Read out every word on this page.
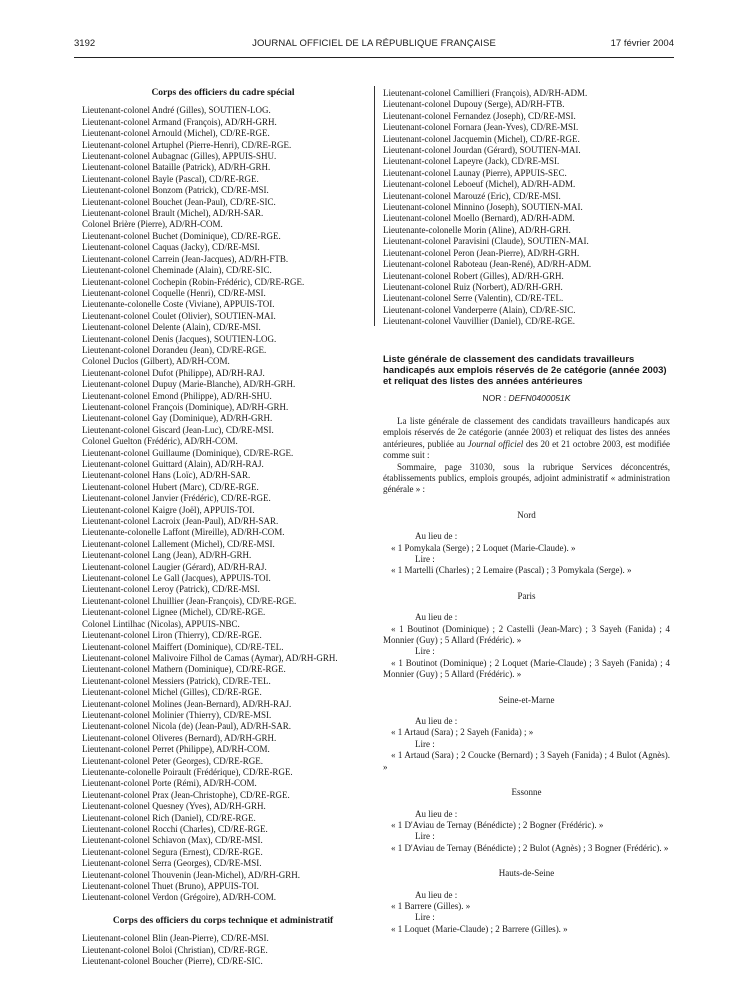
3192	JOURNAL OFFICIEL DE LA RÉPUBLIQUE FRANÇAISE	17 février 2004
Corps des officiers du cadre spécial

Lieutenant-colonel André (Gilles), SOUTIEN-LOG.

Lieutenant-colonel Armand (François), AD/RH-GRH.

Lieutenant-colonel Arnould (Michel), CD/RE-RGE.

Lieutenant-colonel Artuphel (Pierre-Henri), CD/RE-RGE.

Lieutenant-colonel Aubagnac (Gilles), APPUIS-SHU.

Lieutenant-colonel Bataille (Patrick), AD/RH-GRH.

Lieutenant-colonel Bayle (Pascal), CD/RE-RGE.

Lieutenant-colonel Bonzom (Patrick), CD/RE-MSI.

Lieutenant-colonel Bouchet (Jean-Paul), CD/RE-SIC.

Lieutenant-colonel Brault (Michel), AD/RH-SAR.

Colonel Brière (Pierre), AD/RH-COM.

Lieutenant-colonel Buchet (Dominique), CD/RE-RGE.

Lieutenant-colonel Caquas (Jacky), CD/RE-MSI.

Lieutenant-colonel Carrein (Jean-Jacques), AD/RH-FTB.

Lieutenant-colonel Cheminade (Alain), CD/RE-SIC.

Lieutenant-colonel Cochepin (Robin-Frédéric), CD/RE-RGE.

Lieutenant-colonel Coquelle (Henri), CD/RE-MSI.

Lieutenante-colonelle Coste (Viviane), APPUIS-TOI.

Lieutenant-colonel Coulet (Olivier), SOUTIEN-MAI.

Lieutenant-colonel Delente (Alain), CD/RE-MSI.

Lieutenant-colonel Denis (Jacques), SOUTIEN-LOG.

Lieutenant-colonel Dorandeu (Jean), CD/RE-RGE.

Colonel Duclos (Gilbert), AD/RH-COM.

Lieutenant-colonel Dufot (Philippe), AD/RH-RAJ.

Lieutenant-colonel Dupuy (Marie-Blanche), AD/RH-GRH.

Lieutenant-colonel Emond (Philippe), AD/RH-SHU.

Lieutenant-colonel François (Dominique), AD/RH-GRH.

Lieutenant-colonel Gay (Dominique), AD/RH-GRH.

Lieutenant-colonel Giscard (Jean-Luc), CD/RE-MSI.

Colonel Guelton (Frédéric), AD/RH-COM.

Lieutenant-colonel Guillaume (Dominique), CD/RE-RGE.

Lieutenant-colonel Guittard (Alain), AD/RH-RAJ.

Lieutenant-colonel Hans (Loïc), AD/RH-SAR.

Lieutenant-colonel Hubert (Marc), CD/RE-RGE.

Lieutenant-colonel Janvier (Frédéric), CD/RE-RGE.

Lieutenant-colonel Kaigre (Joël), APPUIS-TOI.

Lieutenant-colonel Lacroix (Jean-Paul), AD/RH-SAR.

Lieutenante-colonelle Laffont (Mireille), AD/RH-COM.

Lieutenant-colonel Lallement (Michel), CD/RE-MSI.

Lieutenant-colonel Lang (Jean), AD/RH-GRH.

Lieutenant-colonel Laugier (Gérard), AD/RH-RAJ.

Lieutenant-colonel Le Gall (Jacques), APPUIS-TOI.

Lieutenant-colonel Leroy (Patrick), CD/RE-MSI.

Lieutenant-colonel Lhuillier (Jean-François), CD/RE-RGE.

Lieutenant-colonel Lignee (Michel), CD/RE-RGE.

Colonel Lintilhac (Nicolas), APPUIS-NBC.

Lieutenant-colonel Liron (Thierry), CD/RE-RGE.

Lieutenant-colonel Maiffert (Dominique), CD/RE-TEL.

Lieutenant-colonel Malivoire Filhol de Camas (Aymar), AD/RH-GRH.

Lieutenant-colonel Mathern (Dominique), CD/RE-RGE.

Lieutenant-colonel Messiers (Patrick), CD/RE-TEL.

Lieutenant-colonel Michel (Gilles), CD/RE-RGE.

Lieutenant-colonel Molines (Jean-Bernard), AD/RH-RAJ.

Lieutenant-colonel Molinier (Thierry), CD/RE-MSI.

Lieutenant-colonel Nicola (de) (Jean-Paul), AD/RH-SAR.

Lieutenant-colonel Oliveres (Bernard), AD/RH-GRH.

Lieutenant-colonel Perret (Philippe), AD/RH-COM.

Lieutenant-colonel Peter (Georges), CD/RE-RGE.

Lieutenante-colonelle Poirault (Frédérique), CD/RE-RGE.

Lieutenant-colonel Porte (Rémi), AD/RH-COM.

Lieutenant-colonel Prax (Jean-Christophe), CD/RE-RGE.

Lieutenant-colonel Quesney (Yves), AD/RH-GRH.

Lieutenant-colonel Rich (Daniel), CD/RE-RGE.

Lieutenant-colonel Rocchi (Charles), CD/RE-RGE.

Lieutenant-colonel Schiavon (Max), CD/RE-MSI.

Lieutenant-colonel Segura (Ernest), CD/RE-RGE.

Lieutenant-colonel Serra (Georges), CD/RE-MSI.

Lieutenant-colonel Thouvenin (Jean-Michel), AD/RH-GRH.

Lieutenant-colonel Thuet (Bruno), APPUIS-TOI.

Lieutenant-colonel Verdon (Grégoire), AD/RH-COM.

Corps des officiers du corps technique et administratif

Lieutenant-colonel Blin (Jean-Pierre), CD/RE-MSI.

Lieutenant-colonel Boloi (Christian), CD/RE-RGE.

Lieutenant-colonel Boucher (Pierre), CD/RE-SIC.

Lieutenant-colonel Camillieri (François), AD/RH-ADM.

Lieutenant-colonel Dupouy (Serge), AD/RH-FTB.

Lieutenant-colonel Fernandez (Joseph), CD/RE-MSI.

Lieutenant-colonel Fornara (Jean-Yves), CD/RE-MSI.

Lieutenant-colonel Jacquemin (Michel), CD/RE-RGE.

Lieutenant-colonel Jourdan (Gérard), SOUTIEN-MAI.

Lieutenant-colonel Lapeyre (Jack), CD/RE-MSI.

Lieutenant-colonel Launay (Pierre), APPUIS-SEC.

Lieutenant-colonel Leboeuf (Michel), AD/RH-ADM.

Lieutenant-colonel Marouzé (Eric), CD/RE-MSI.

Lieutenant-colonel Minnino (Joseph), SOUTIEN-MAI.

Lieutenant-colonel Moello (Bernard), AD/RH-ADM.

Lieutenante-colonelle Morin (Aline), AD/RH-GRH.

Lieutenant-colonel Paravisini (Claude), SOUTIEN-MAI.

Lieutenant-colonel Peron (Jean-Pierre), AD/RH-GRH.

Lieutenant-colonel Raboteau (Jean-René), AD/RH-ADM.

Lieutenant-colonel Robert (Gilles), AD/RH-GRH.

Lieutenant-colonel Ruiz (Norbert), AD/RH-GRH.

Lieutenant-colonel Serre (Valentin), CD/RE-TEL.

Lieutenant-colonel Vanderperre (Alain), CD/RE-SIC.

Lieutenant-colonel Vauvillier (Daniel), CD/RE-RGE.

Liste générale de classement des candidats travailleurs handicapés aux emplois réservés de 2e catégorie (année 2003) et reliquat des listes des années antérieures
NOR : DEFN0400051K

La liste générale de classement des candidats travailleurs handicapés aux emplois réservés de 2e catégorie (année 2003) et reliquat des listes des années antérieures, publiée au Journal officiel des 20 et 21 octobre 2003, est modifiée comme suit :

Sommaire, page 31030, sous la rubrique Services déconcentrés, établissements publics, emplois groupés, adjoint administratif « administration générale » :

Nord

Au lieu de :

« 1 Pomykala (Serge) ; 2 Loquet (Marie-Claude). »

Lire :

« 1 Martelli (Charles) ; 2 Lemaire (Pascal) ; 3 Pomykala (Serge). »

Paris

Au lieu de :

« 1 Boutinot (Dominique) ; 2 Castelli (Jean-Marc) ; 3 Sayeh (Fanida) ; 4 Monnier (Guy) ; 5 Allard (Frédéric). »

Lire :

« 1 Boutinot (Dominique) ; 2 Loquet (Marie-Claude) ; 3 Sayeh (Fanida) ; 4 Monnier (Guy) ; 5 Allard (Frédéric). »

Seine-et-Marne

Au lieu de :

« 1 Artaud (Sara) ; 2 Sayeh (Fanida) ; »

Lire :

« 1 Artaud (Sara) ; 2 Coucke (Bernard) ; 3 Sayeh (Fanida) ; 4 Bulot (Agnès). »

Essonne

Au lieu de :

« 1 D'Aviau de Ternay (Bénédicte) ; 2 Bogner (Frédéric). »

Lire :

« 1 D'Aviau de Ternay (Bénédicte) ; 2 Bulot (Agnès) ; 3 Bogner (Frédéric). »

Hauts-de-Seine

Au lieu de :

« 1 Barrere (Gilles). »

Lire :

« 1 Loquet (Marie-Claude) ; 2 Barrere (Gilles). »
